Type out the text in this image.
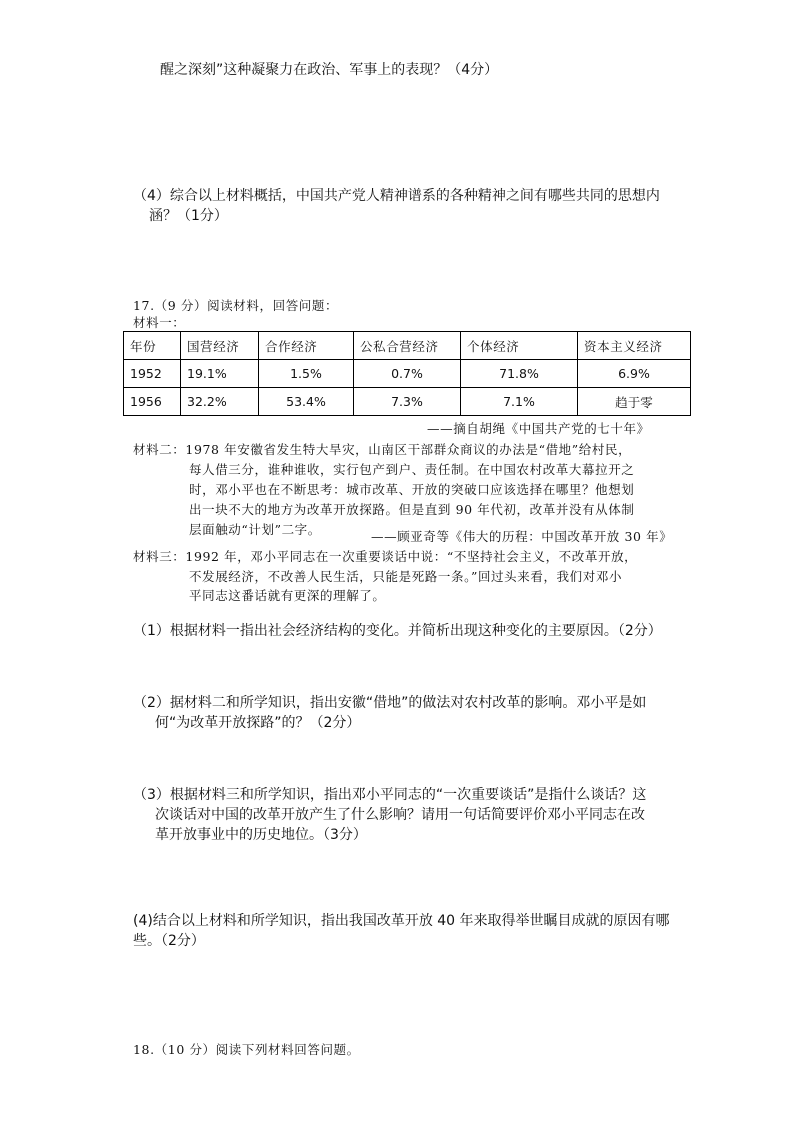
醒之深刻”这种凝聚力在政治、军事上的表现？（4分）
（4）综合以上材料概括，中国共产党人精神谱系的各种精神之间有哪些共同的思想内
涵？（1分）
17.（9 分）阅读材料，回答问题：
材料一：
年份	国营经济	合作经济	公私合营经济	个体经济	资本主义经济
1952	19.1%	1.5%	0.7%	71.8%	6.9%
1956	32.2%	53.4%	7.3%	7.1%	趋于零
——摘自胡绳《中国共产党的七十年》
材料二：1978 年安徽省发生特大旱灾，山南区干部群众商议的办法是“借地”给村民，
每人借三分，谁种谁收，实行包产到户、责任制。在中国农村改革大幕拉开之
时，邓小平也在不断思考：城市改革、开放的突破口应该选择在哪里？他想划
出一块不大的地方为改革开放探路。但是直到 90 年代初，改革并没有从体制
层面触动“计划”二字。	——顾亚奇等《伟大的历程：中国改革开放 30 年》
材料三：1992 年，邓小平同志在一次重要谈话中说：“不坚持社会主义，不改革开放，
不发展经济，不改善人民生活，只能是死路一条。”回过头来看，我们对邓小
平同志这番话就有更深的理解了。
（1）根据材料一指出社会经济结构的变化。并简析出现这种变化的主要原因。（2分）
（2）据材料二和所学知识，指出安徽“借地”的做法对农村改革的影响。邓小平是如
何“为改革开放探路”的？（2分）
（3）根据材料三和所学知识，指出邓小平同志的“一次重要谈话”是指什么谈话？这
次谈话对中国的改革开放产生了什么影响？请用一句话简要评价邓小平同志在改
革开放事业中的历史地位。（3分）
(4)结合以上材料和所学知识，指出我国改革开放 40 年来取得举世瞩目成就的原因有哪
些。（2分）
18.（10 分）阅读下列材料回答问题。
